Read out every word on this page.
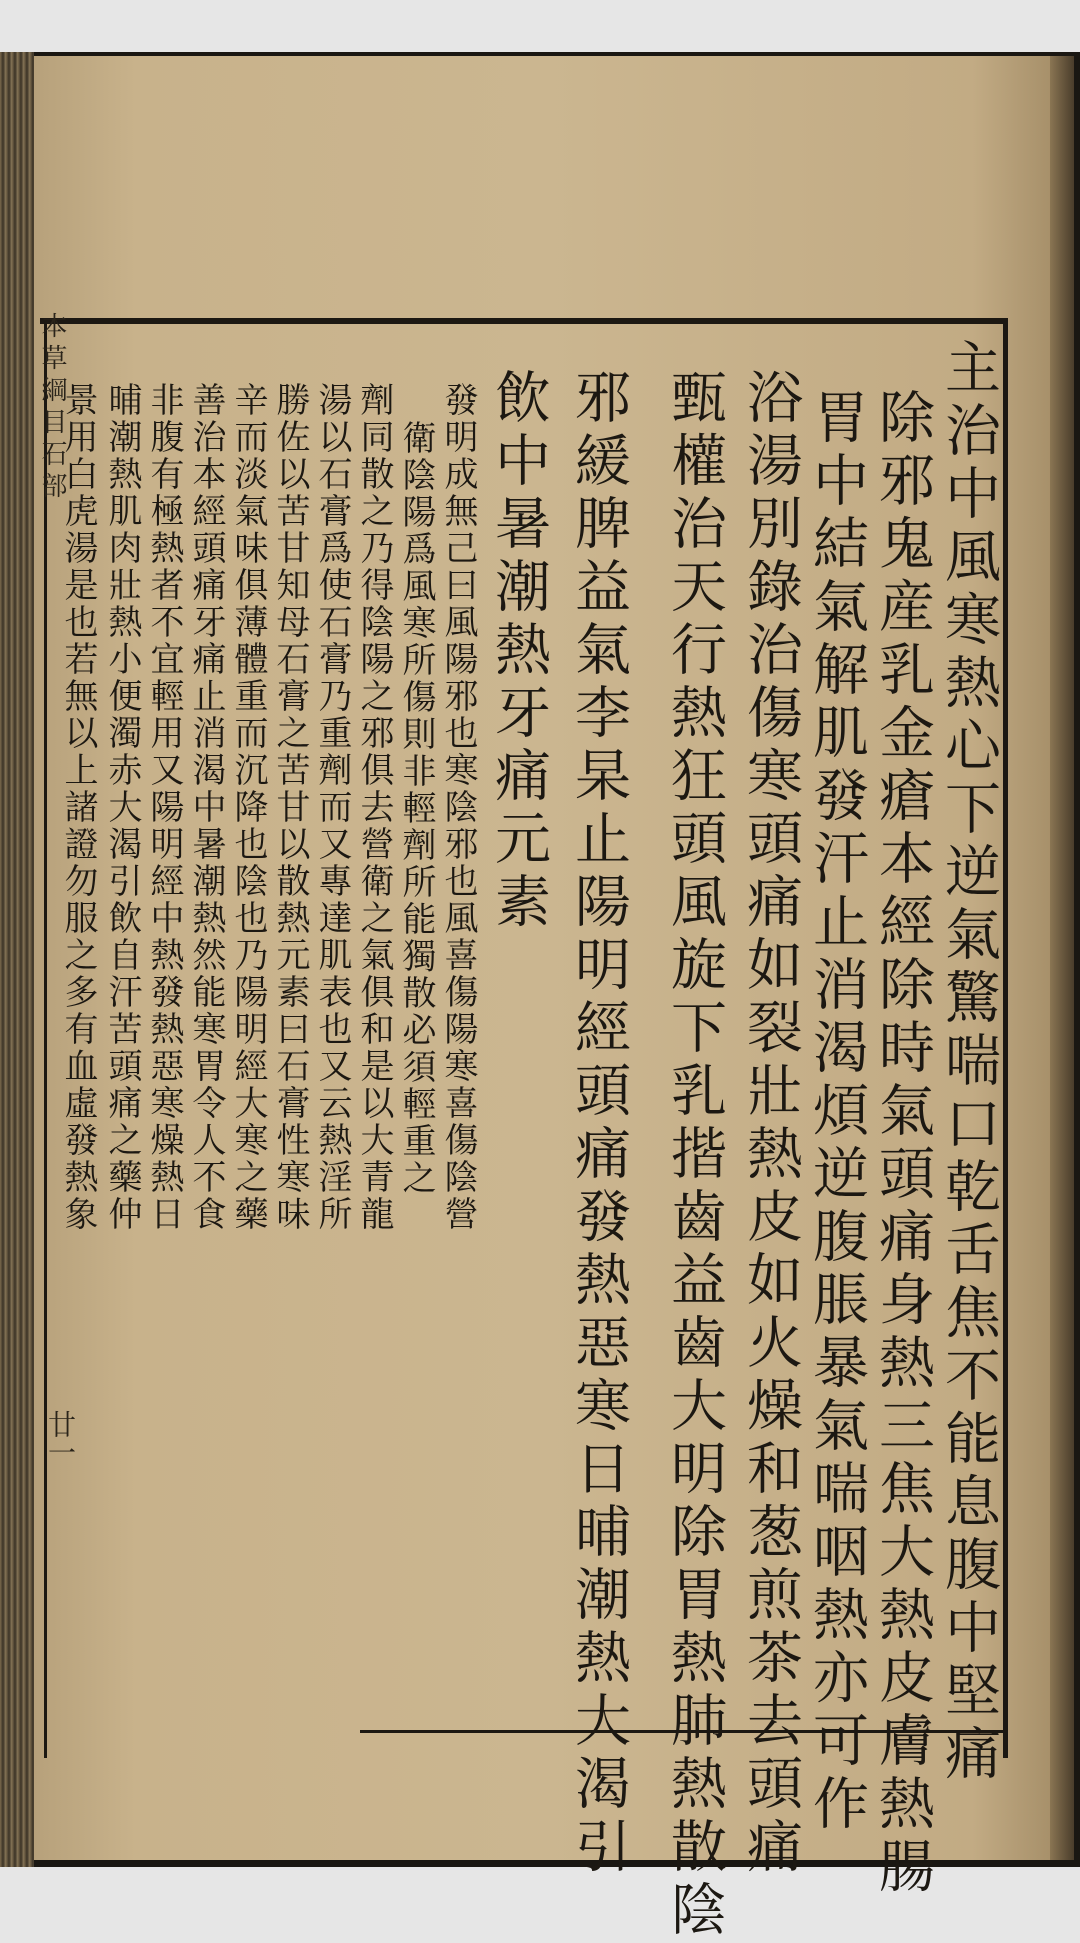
本草綱目石部
廿一	主治中風寒熱心下逆氣驚喘口乾舌焦不能息腹中堅痛
除邪鬼産乳金瘡本經除時氣頭痛身熱三焦大熱皮膚熱腸
胃中結氣解肌發汗止消渴煩逆腹脹暴氣喘咽熱亦可作
浴湯別錄治傷寒頭痛如裂壯熱皮如火燥和葱煎茶去頭痛
甄權治天行熱狂頭風旋下乳揩齒益齒大明除胃熱肺熱散陰
邪緩脾益氣李杲止陽明經頭痛發熱惡寒日晡潮熱大渴引
飲中暑潮熱牙痛元素
發明成無己曰風陽邪也寒陰邪也風喜傷陽寒喜傷陰營
衛陰陽爲風寒所傷則非輕劑所能獨散必須輕重之
劑同散之乃得陰陽之邪俱去營衛之氣俱和是以大青龍
湯以石膏爲使石膏乃重劑而又專達肌表也又云熱淫所
勝佐以苦甘知母石膏之苦甘以散熱元素曰石膏性寒味
辛而淡氣味俱薄體重而沉降也陰也乃陽明經大寒之藥
善治本經頭痛牙痛止消渴中暑潮熱然能寒胃令人不食
非腹有極熱者不宜輕用又陽明經中熱發熱惡寒燥熱日
晡潮熱肌肉壯熱小便濁赤大渴引飲自汗苦頭痛之藥仲
景用白虎湯是也若無以上諸證勿服之多有血虛發熱象
